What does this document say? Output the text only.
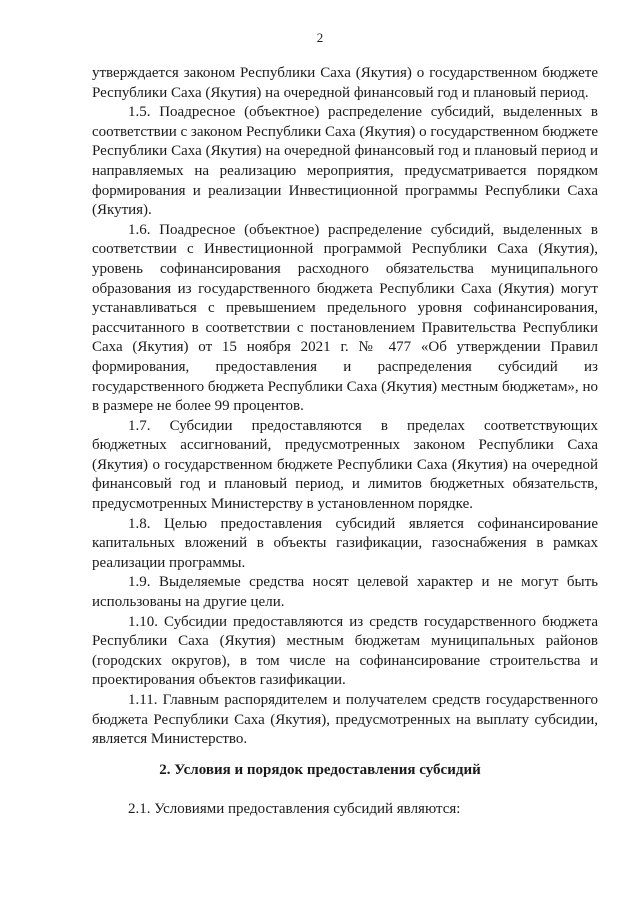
2

утверждается законом Республики Саха (Якутия) о государственном бюджете Республики Саха (Якутия) на очередной финансовый год и плановый период.

1.5. Поадресное (объектное) распределение субсидий, выделенных в соответствии с законом Республики Саха (Якутия) о государственном бюджете Республики Саха (Якутия) на очередной финансовый год и плановый период и направляемых на реализацию мероприятия, предусматривается порядком формирования и реализации Инвестиционной программы Республики Саха (Якутия).

1.6. Поадресное (объектное) распределение субсидий, выделенных в соответствии с Инвестиционной программой Республики Саха (Якутия), уровень софинансирования расходного обязательства муниципального образования из государственного бюджета Республики Саха (Якутия) могут устанавливаться с превышением предельного уровня софинансирования, рассчитанного в соответствии с постановлением Правительства Республики Саха (Якутия) от 15 ноября 2021 г. № 477 «Об утверждении Правил формирования, предоставления и распределения субсидий из государственного бюджета Республики Саха (Якутия) местным бюджетам», но в размере не более 99 процентов.

1.7. Субсидии предоставляются в пределах соответствующих бюджетных ассигнований, предусмотренных законом Республики Саха (Якутия) о государственном бюджете Республики Саха (Якутия) на очередной финансовый год и плановый период, и лимитов бюджетных обязательств, предусмотренных Министерству в установленном порядке.

1.8. Целью предоставления субсидий является софинансирование капитальных вложений в объекты газификации, газоснабжения в рамках реализации программы.

1.9. Выделяемые средства носят целевой характер и не могут быть использованы на другие цели.

1.10. Субсидии предоставляются из средств государственного бюджета Республики Саха (Якутия) местным бюджетам муниципальных районов (городских округов), в том числе на софинансирование строительства и проектирования объектов газификации.

1.11. Главным распорядителем и получателем средств государственного бюджета Республики Саха (Якутия), предусмотренных на выплату субсидии, является Министерство.

2. Условия и порядок предоставления субсидий

2.1. Условиями предоставления субсидий являются:
